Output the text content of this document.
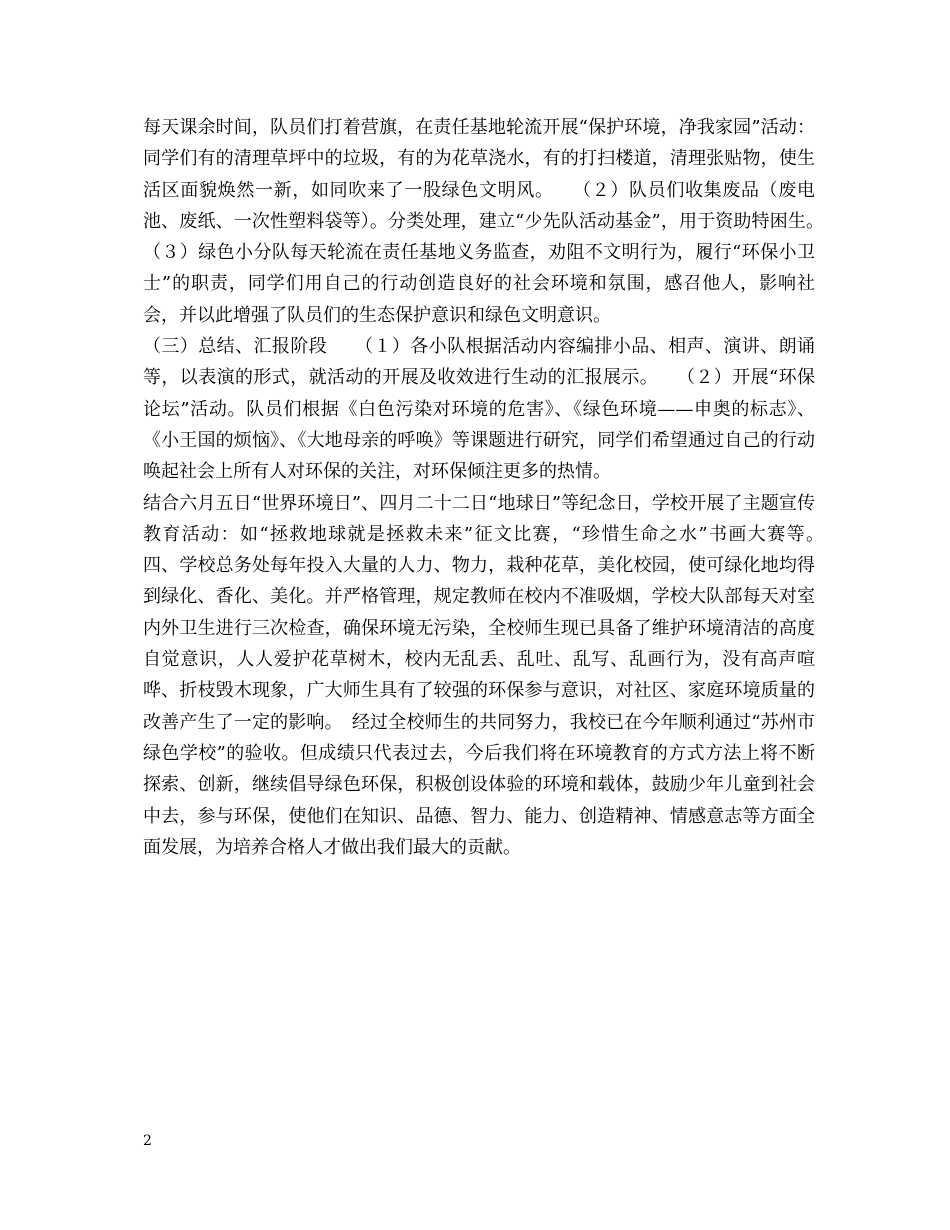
每天课余时间，队员们打着营旗，在责任基地轮流开展“保护环境，净我家园”活动：同学们有的清理草坪中的垃圾，有的为花草浇水，有的打扫楼道，清理张贴物，使生活区面貌焕然一新，如同吹来了一股绿色文明风。　　（２）队员们收集废品（废电池、废纸、一次性塑料袋等）。分类处理，建立“少先队活动基金”，用于资助特困生。　　（３）绿色小分队每天轮流在责任基地义务监查，劝阻不文明行为，履行“环保小卫士”的职责，同学们用自己的行动创造良好的社会环境和氛围，感召他人，影响社会，并以此增强了队员们的生态保护意识和绿色文明意识。

（三）总结、汇报阶段　　（１）各小队根据活动内容编排小品、相声、演讲、朗诵等，以表演的形式，就活动的开展及收效进行生动的汇报展示。　　（２）开展“环保论坛”活动。队员们根据《白色污染对环境的危害》、《绿色环境——申奥的标志》、《小王国的烦恼》、《大地母亲的呼唤》等课题进行研究，同学们希望通过自己的行动唤起社会上所有人对环保的关注，对环保倾注更多的热情。

结合六月五日“世界环境日”、四月二十二日“地球日”等纪念日，学校开展了主题宣传教育活动：如“拯救地球就是拯救未来”征文比赛，“珍惜生命之水”书画大赛等。　　四、学校总务处每年投入大量的人力、物力，栽种花草，美化校园，使可绿化地均得到绿化、香化、美化。并严格管理，规定教师在校内不准吸烟，学校大队部每天对室内外卫生进行三次检查，确保环境无污染，全校师生现已具备了维护环境清洁的高度自觉意识，人人爱护花草树木，校内无乱丢、乱吐、乱写、乱画行为，没有高声喧哗、折枝毁木现象，广大师生具有了较强的环保参与意识，对社区、家庭环境质量的改善产生了一定的影响。　经过全校师生的共同努力，我校已在今年顺利通过“苏州市绿色学校”的验收。但成绩只代表过去，今后我们将在环境教育的方式方法上将不断探索、创新，继续倡导绿色环保，积极创设体验的环境和载体，鼓励少年儿童到社会中去，参与环保，使他们在知识、品德、智力、能力、创造精神、情感意志等方面全面发展，为培养合格人才做出我们最大的贡献。

2
